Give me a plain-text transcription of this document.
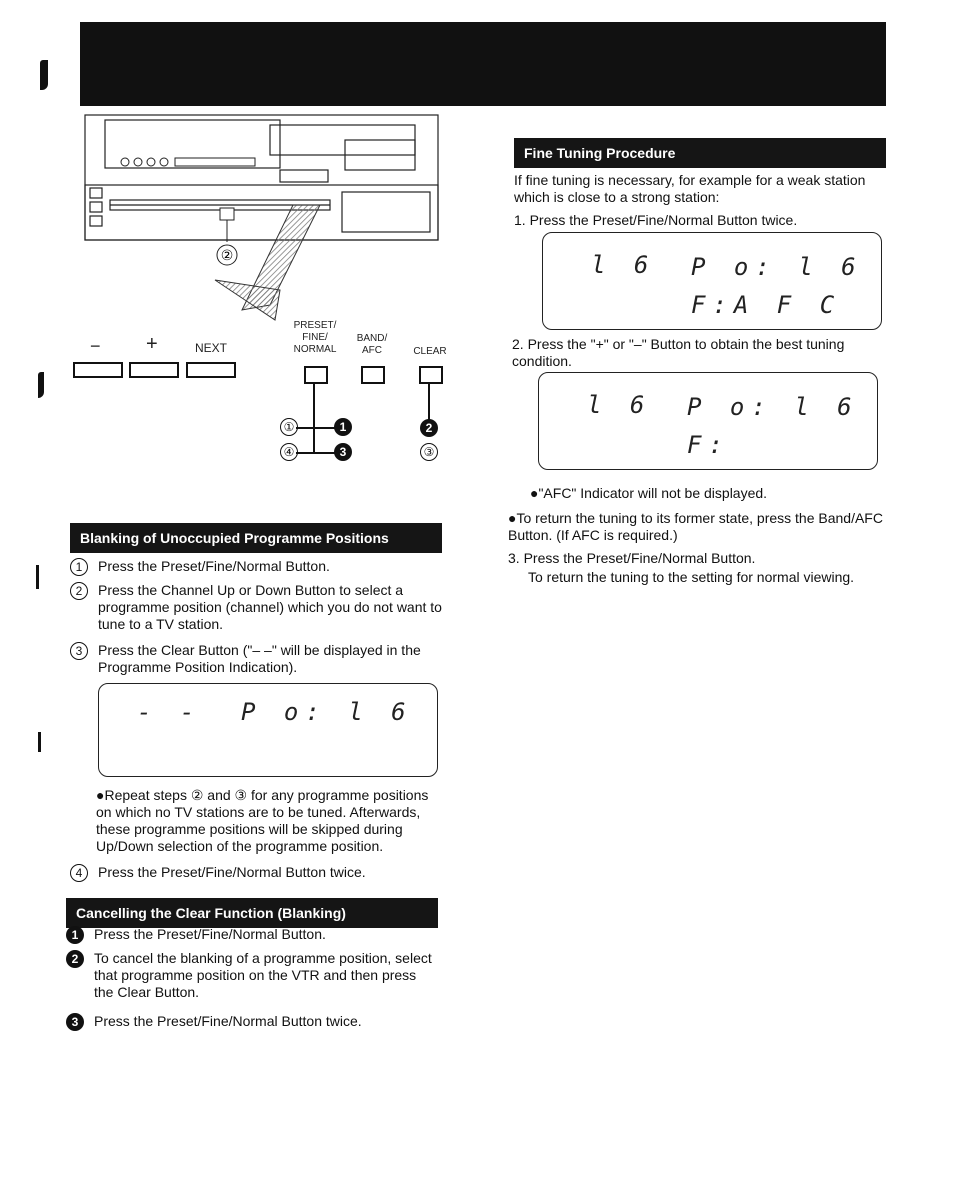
②
− +	NEXT
PRESET/
FINE/
NORMAL
BAND/
AFC	CLEAR
①	1
④	3
2
③
Blanking of Unoccupied Programme Positions
1	Press the Preset/Fine/Normal Button.
2	Press the Channel Up or Down Button to select a programme position (channel) which you do not want to tune to a TV station.
3	Press the Clear Button ("– –" will be displayed in the Programme Position Indication).
- - P o: l 6
●Repeat steps ② and ③ for any programme positions on which no TV stations are to be tuned. Afterwards, these programme positions will be skipped during Up/Down selection of the programme position.
4	Press the Preset/Fine/Normal Button twice.
Cancelling the Clear Function (Blanking)
1	Press the Preset/Fine/Normal Button.
2	To cancel the blanking of a programme position, select that programme position on the VTR and then press the Clear Button.
3	Press the Preset/Fine/Normal Button twice.
Fine Tuning Procedure
If fine tuning is necessary, for example for a weak station which is close to a strong station:
1. Press the Preset/Fine/Normal Button twice.
l 6 P o: l 6
F:A F C
2. Press the "+" or "–" Button to obtain the best tuning condition.
l 6 P o: l 6
F:
●"AFC" Indicator will not be displayed.
●To return the tuning to its former state, press the Band/AFC Button. (If AFC is required.)
3. Press the Preset/Fine/Normal Button.
To return the tuning to the setting for normal viewing.
